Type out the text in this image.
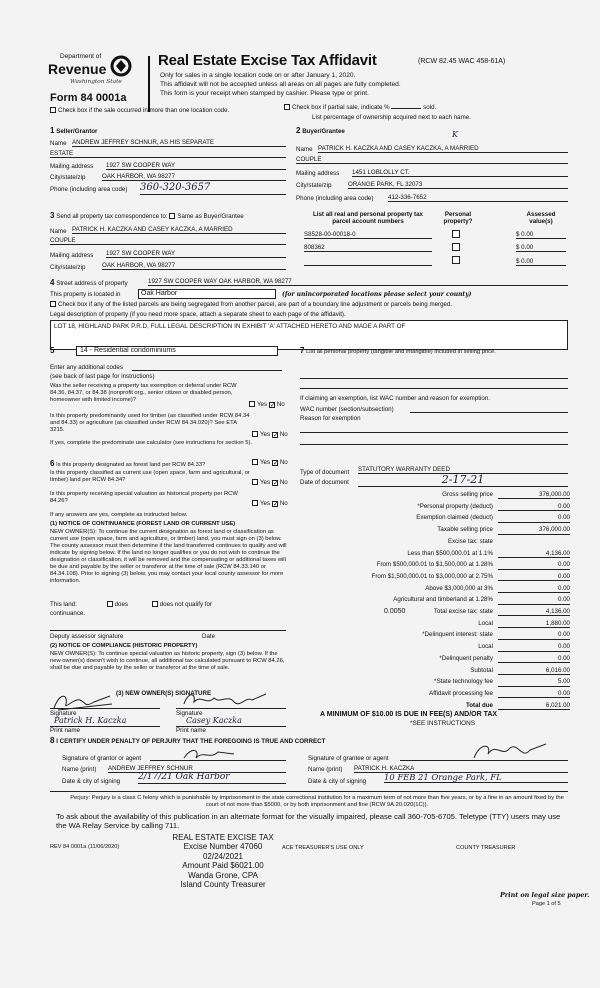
Department of
Revenue
Washington State
Form 84 0001a
Real Estate Excise Tax Affidavit	(RCW 82.45 WAC 458-61A)
Only for sales in a single location code on or after January 1, 2020.
This affidavit will not be accepted unless all areas on all pages are fully completed.
This form is your receipt when stamped by cashier. Please type or print.
Check box if the sale occurred in more than one location code.	Check box if partial sale, indicate %	sold.
List percentage of ownership acquired next to each name.
1 Seller/Grantor
Name ANDREW JEFFREY SCHNUR, AS HIS SEPARATE
ESTATE
Mailing address 1927 SW COOPER WAY
City/state/zip	OAK HARBOR, WA 98277
Phone (including area code) 360-320-3657
2 Buyer/Grantee	K
Name PATRICK H. KACZKA AND CASEY KACZKA, A MARRIED
COUPLE
Mailing address 1451 LOBLOLLY CT.
City/state/zip	ORANGE PARK, FL 32073
Phone (including area code) 412-336-7652
3 Send all property tax correspondence to: Same as Buyer/Grantee
Name PATRICK H. KACZKA AND CASEY KACZKA, A MARRIED
COUPLE
Mailing address 1927 SW COOPER WAY
City/state/zip	OAK HARBOR, WA 98277
List all real and personal property tax
parcel account numbers
Personal
property?
Assessed
value(s)
S8528-00-00018-0	$ 0.00
808362	$ 0.00
$ 0.00
4 Street address of property	1927 SW COOPER WAY OAK HARBOR, WA 98277
This property is located in	Oak Harbor	(for unincorporated locations please select your county)
Check box if any of the listed parcels are being segregated from another parcel, are part of a boundary line adjustment or parcels being merged.
Legal description of property (if you need more space, attach a separate sheet to each page of the affidavit).
LOT 18, HIGHLAND PARK P.R.D, FULL LEGAL DESCRIPTION IN EXHIBIT 'A' ATTACHED HERETO AND MADE A PART OF
5	14 - Residential condominiums
Enter any additional codes
(see back of last page for instructions)
Was the seller receiving a property tax exemption or deferral under RCW 84.36, 84.37, or 84.38 (nonprofit org., senior citizen or disabled person, homeowner with limited income)?
Yes ✓ No
Is this property predominantly used for timber (as classified under RCW 84.34 and 84.33) or agriculture (as classified under RCW 84.34.020)? See ETA 3215.
Yes ✓ No
If yes, complete the predominate use calculator (see instructions for section 5).
6 Is this property designated as forest land per RCW 84.33?	Yes ✓ No
Is this property classified as current use (open space, farm and agricultural, or timber) land per RCW 84.34?	Yes ✓ No
Is this property receiving special valuation as historical property per RCW 84.26?	Yes ✓ No
If any answers are yes, complete as instructed below.
(1) NOTICE OF CONTINUANCE (FOREST LAND OR CURRENT USE)
NEW OWNER(S): To continue the current designation as forest land or classification as current use (open space, farm and agriculture, or timber) land, you must sign on (3) below. The county assessor must then determine if the land transferred continues to qualify and will indicate by signing below. If the land no longer qualifies or you do not wish to continue the designation or classification, it will be removed and the compensating or additional taxes will be due and payable by the seller or transferor at the time of sale (RCW 84.33.140 or 84.34.108). Prior to signing (3) below, you may contact your local county assessor for more information.
This land:	does	does not qualify for
continuance.
Deputy assessor signature	Date
(2) NOTICE OF COMPLIANCE (HISTORIC PROPERTY)
NEW OWNER(S): To continue special valuation as historic property, sign (3) below. If the new owner(s) doesn't wish to continue, all additional tax calculated pursuant to RCW 84.26, shall be due and payable by the seller or transferor at the time of sale.
(3) NEW OWNER(S) SIGNATURE
Signature	Signature
Patrick H. Kaczka	Casey Kaczka
Print name	Print name
7 List all personal property (tangible and intangible) included in selling price.
If claiming an exemption, list WAC number and reason for exemption.
WAC number (section/subsection)
Reason for exemption
Type of document STATUTORY WARRANTY DEED
Date of document	2-17-21
Gross selling price	376,000.00
*Personal property (deduct)	0.00
Exemption claimed (deduct)	0.00
Taxable selling price	376,000.00
Excise tax: state
Less than $500,000.01 at 1.1%	4,136.00
From $500,000.01 to $1,500,000 at 1.28%	0.00
From $1,500,000.01 to $3,000,000 at 2.75%	0.00
Above $3,000,000 at 3%	0.00
Agricultural and timberland at 1.28%	0.00
Total excise tax: state	4,136.00
Local	1,880.00
*Delinquent interest: state	0.00
Local	0.00
*Delinquent penalty	0.00
Subtotal	6,016.00
*State technology fee	5.00
Affidavit processing fee	0.00
Total due	6,021.00
0.0050
A MINIMUM OF $10.00 IS DUE IN FEE(S) AND/OR TAX
*SEE INSTRUCTIONS
8 I CERTIFY UNDER PENALTY OF PERJURY THAT THE FOREGOING IS TRUE AND CORRECT
Signature of grantor or agent	Signature of grantee or agent
Name (print) ANDREW JEFFREY SCHNUR	Name (print) PATRICK H. KACZKA
Date & city of signing 2/17/21 Oak Harbor	Date & city of signing 10 FEB 21 Orange Park, FL
Perjury: Perjury is a class C felony which is punishable by imprisonment in the state correctional institution for a maximum term of not more than five years, or by a fine in an amount fixed by the court of not more than $5000, or by both imprisonment and fine (RCW 9A.20.020(1C)).
To ask about the availability of this publication in an alternate format for the visually impaired, please call 360-705-6705. Teletype (TTY) users may use the WA Relay Service by calling 711.
REV 84 0001a (11/06/2020)
REAL ESTATE EXCISE TAX
Excise Number 47060
02/24/2021
Amount Paid $6021.00
Wanda Grone, CPA
Island County Treasurer
ACE TREASURER'S USE ONLY	COUNTY TREASURER
Print on legal size paper.
Page 1 of 5
